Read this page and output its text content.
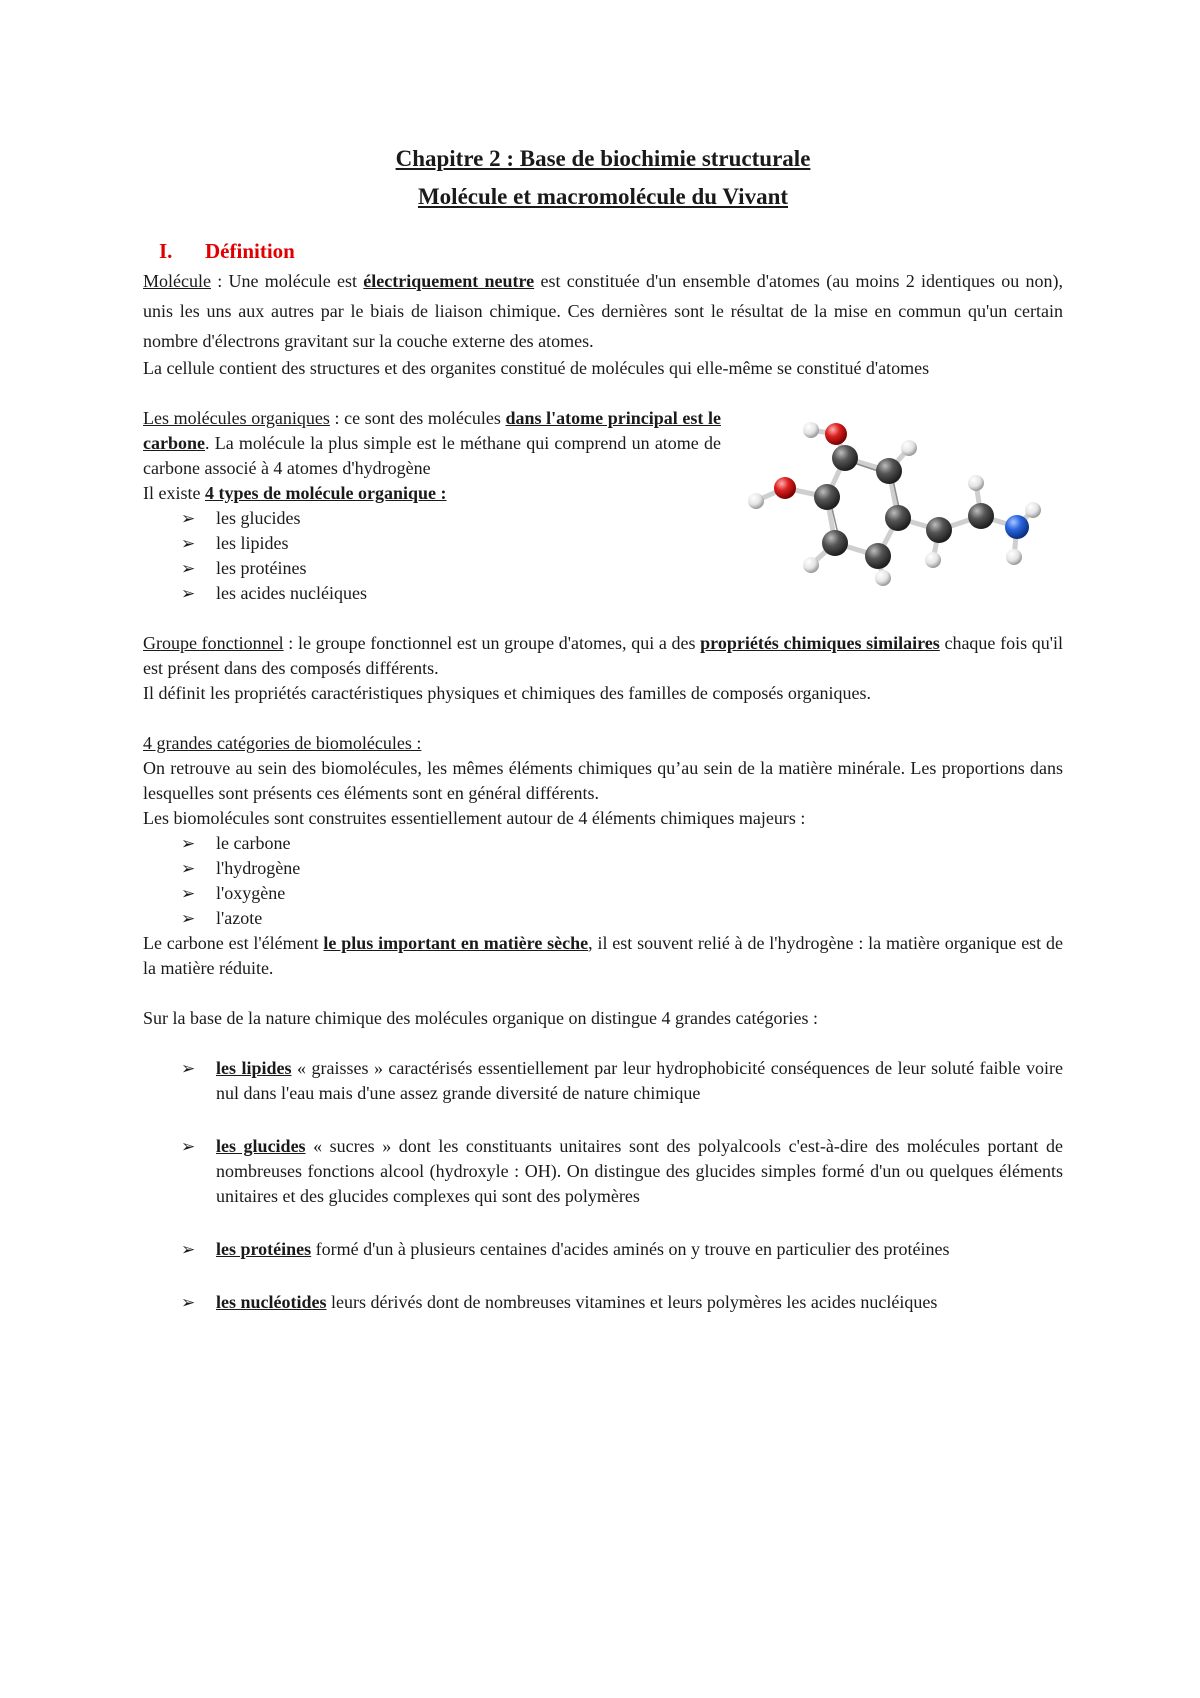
Chapitre 2 : Base de biochimie structurale

Molécule et macromolécule du Vivant

I. Définition

Molécule : Une molécule est électriquement neutre est constituée d'un ensemble d'atomes (au moins 2 identiques ou non), unis les uns aux autres par le biais de liaison chimique. Ces dernières sont le résultat de la mise en commun qu'un certain nombre d'électrons gravitant sur la couche externe des atomes.

La cellule contient des structures et des organites constitué de molécules qui elle-même se constitué d'atomes

Les molécules organiques : ce sont des molécules dans l'atome principal est le carbone. La molécule la plus simple est le méthane qui comprend un atome de carbone associé à 4 atomes d'hydrogène

Il existe 4 types de molécule organique :

➢ les glucides
➢ les lipides
➢ les protéines
➢ les acides nucléiques

Groupe fonctionnel : le groupe fonctionnel est un groupe d'atomes, qui a des propriétés chimiques similaires chaque fois qu'il est présent dans des composés différents.

Il définit les propriétés caractéristiques physiques et chimiques des familles de composés organiques.

4 grandes catégories de biomolécules :

On retrouve au sein des biomolécules, les mêmes éléments chimiques qu’au sein de la matière minérale. Les proportions dans lesquelles sont présents ces éléments sont en général différents.

Les biomolécules sont construites essentiellement autour de 4 éléments chimiques majeurs :

➢ le carbone
➢ l'hydrogène
➢ l'oxygène
➢ l'azote

Le carbone est l'élément le plus important en matière sèche, il est souvent relié à de l'hydrogène : la matière organique est de la matière réduite.

Sur la base de la nature chimique des molécules organique on distingue 4 grandes catégories :

➢ les lipides « graisses » caractérisés essentiellement par leur hydrophobicité conséquences de leur soluté faible voire nul dans l'eau mais d'une assez grande diversité de nature chimique
➢ les glucides « sucres » dont les constituants unitaires sont des polyalcools c'est-à-dire des molécules portant de nombreuses fonctions alcool (hydroxyle : OH). On distingue des glucides simples formé d'un ou quelques éléments unitaires et des glucides complexes qui sont des polymères
➢ les protéines formé d'un à plusieurs centaines d'acides aminés on y trouve en particulier des protéines
➢ les nucléotides leurs dérivés dont de nombreuses vitamines et leurs polymères les acides nucléiques
